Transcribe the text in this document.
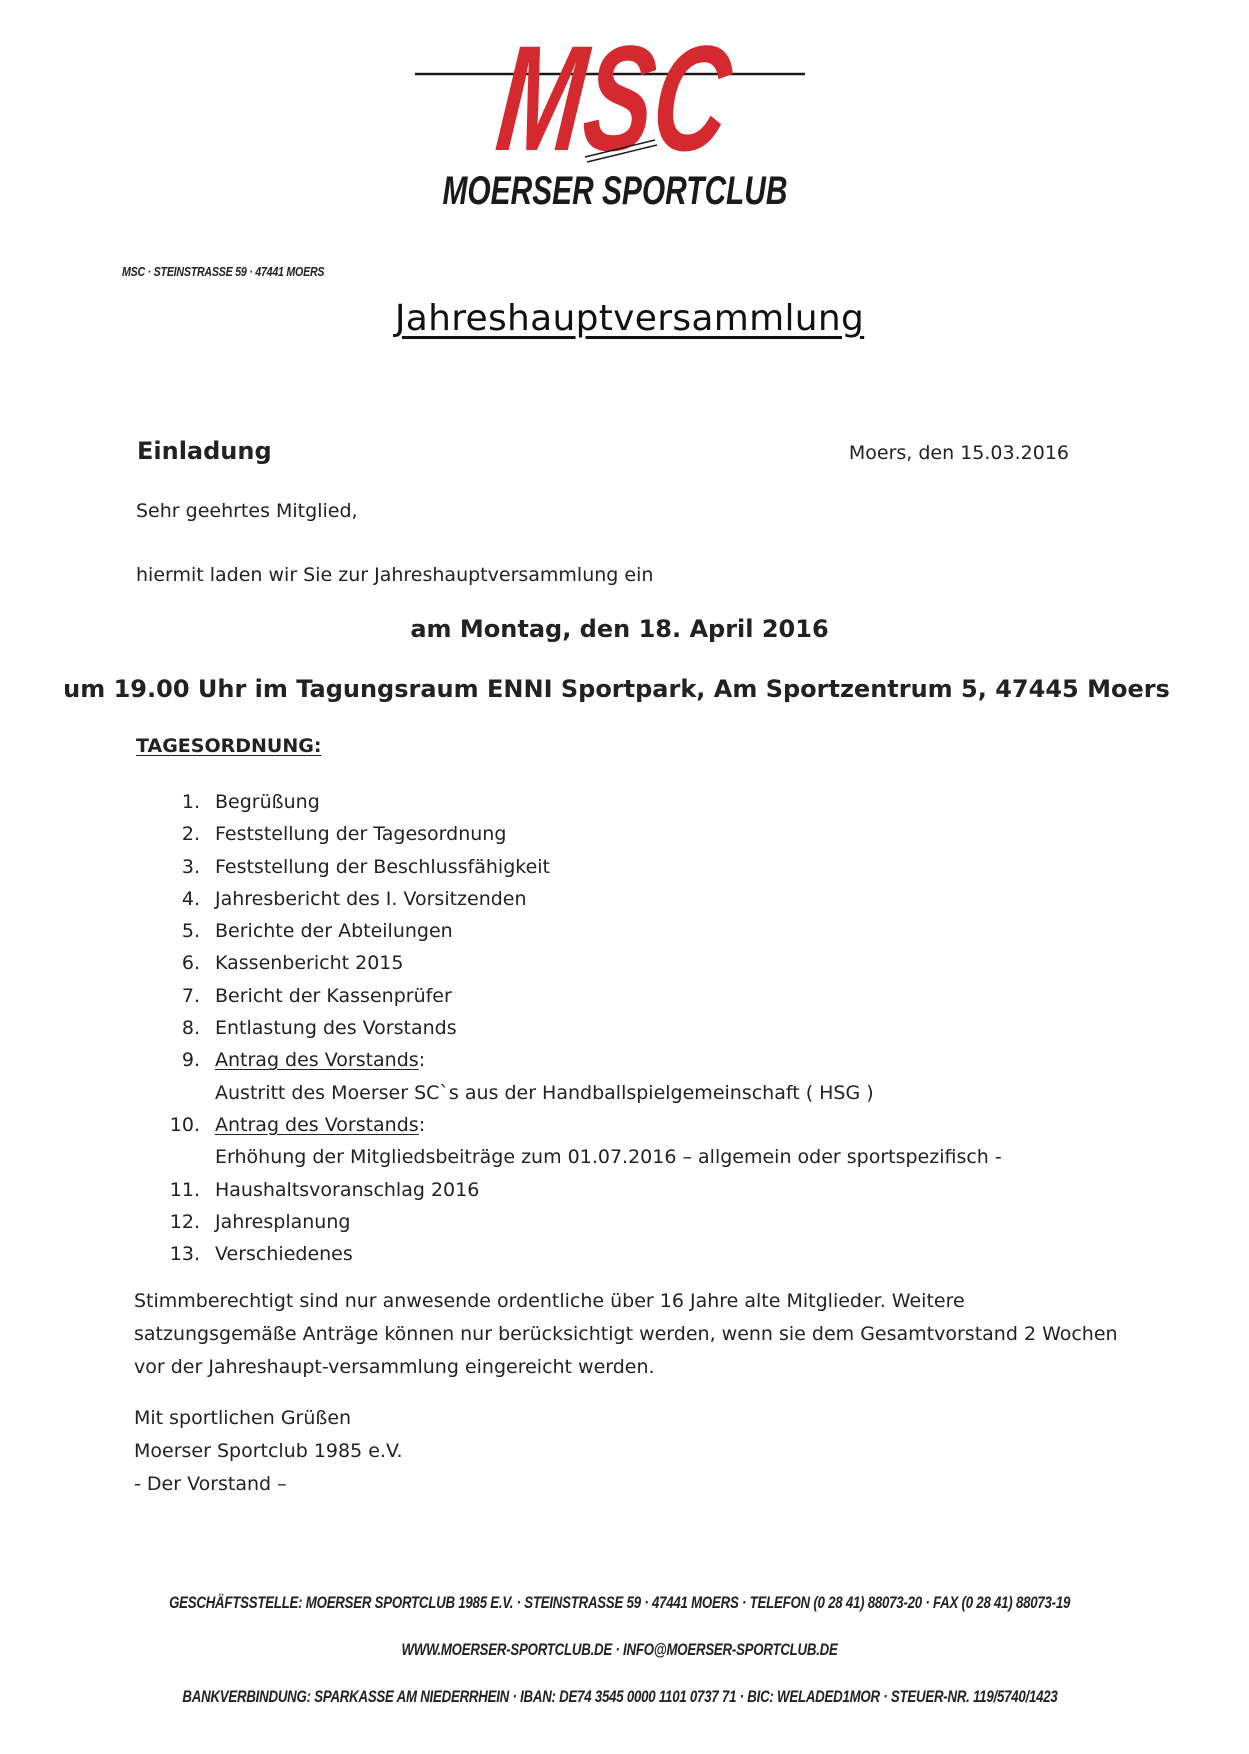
MSC
MOERSER SPORTCLUB
MSC · STEINSTRASSE 59 · 47441 MOERS
Jahreshauptversammlung
Einladung	Moers, den 15.03.2016
Sehr geehrtes Mitglied,
hiermit laden wir Sie zur Jahreshauptversammlung ein
am Montag, den 18. April 2016
um 19.00 Uhr im Tagungsraum ENNI Sportpark, Am Sportzentrum 5, 47445 Moers
TAGESORDNUNG:
1. Begrüßung
2. Feststellung der Tagesordnung
3. Feststellung der Beschlussfähigkeit
4. Jahresbericht des I. Vorsitzenden
5. Berichte der Abteilungen
6. Kassenbericht 2015
7. Bericht der Kassenprüfer
8. Entlastung des Vorstands
9. Antrag des Vorstands:
Austritt des Moerser SC`s aus der Handballspielgemeinschaft ( HSG )
10. Antrag des Vorstands:
Erhöhung der Mitgliedsbeiträge zum 01.07.2016 – allgemein oder sportspezifisch -
11. Haushaltsvoranschlag 2016
12. Jahresplanung
13. Verschiedenes
Stimmberechtigt sind nur anwesende ordentliche über 16 Jahre alte Mitglieder. Weitere satzungsgemäße Anträge können nur berücksichtigt werden, wenn sie dem Gesamtvorstand 2 Wochen vor der Jahreshaupt-versammlung eingereicht werden.
Mit sportlichen Grüßen
Moerser Sportclub 1985 e.V.
- Der Vorstand –
GESCHÄFTSSTELLE: MOERSER SPORTCLUB 1985 E.V. · STEINSTRASSE 59 · 47441 MOERS · TELEFON (0 28 41) 88073-20 · FAX (0 28 41) 88073-19
WWW.MOERSER-SPORTCLUB.DE · INFO@MOERSER-SPORTCLUB.DE
BANKVERBINDUNG: SPARKASSE AM NIEDERRHEIN · IBAN: DE74 3545 0000 1101 0737 71 · BIC: WELADED1MOR · STEUER-NR. 119/5740/1423
